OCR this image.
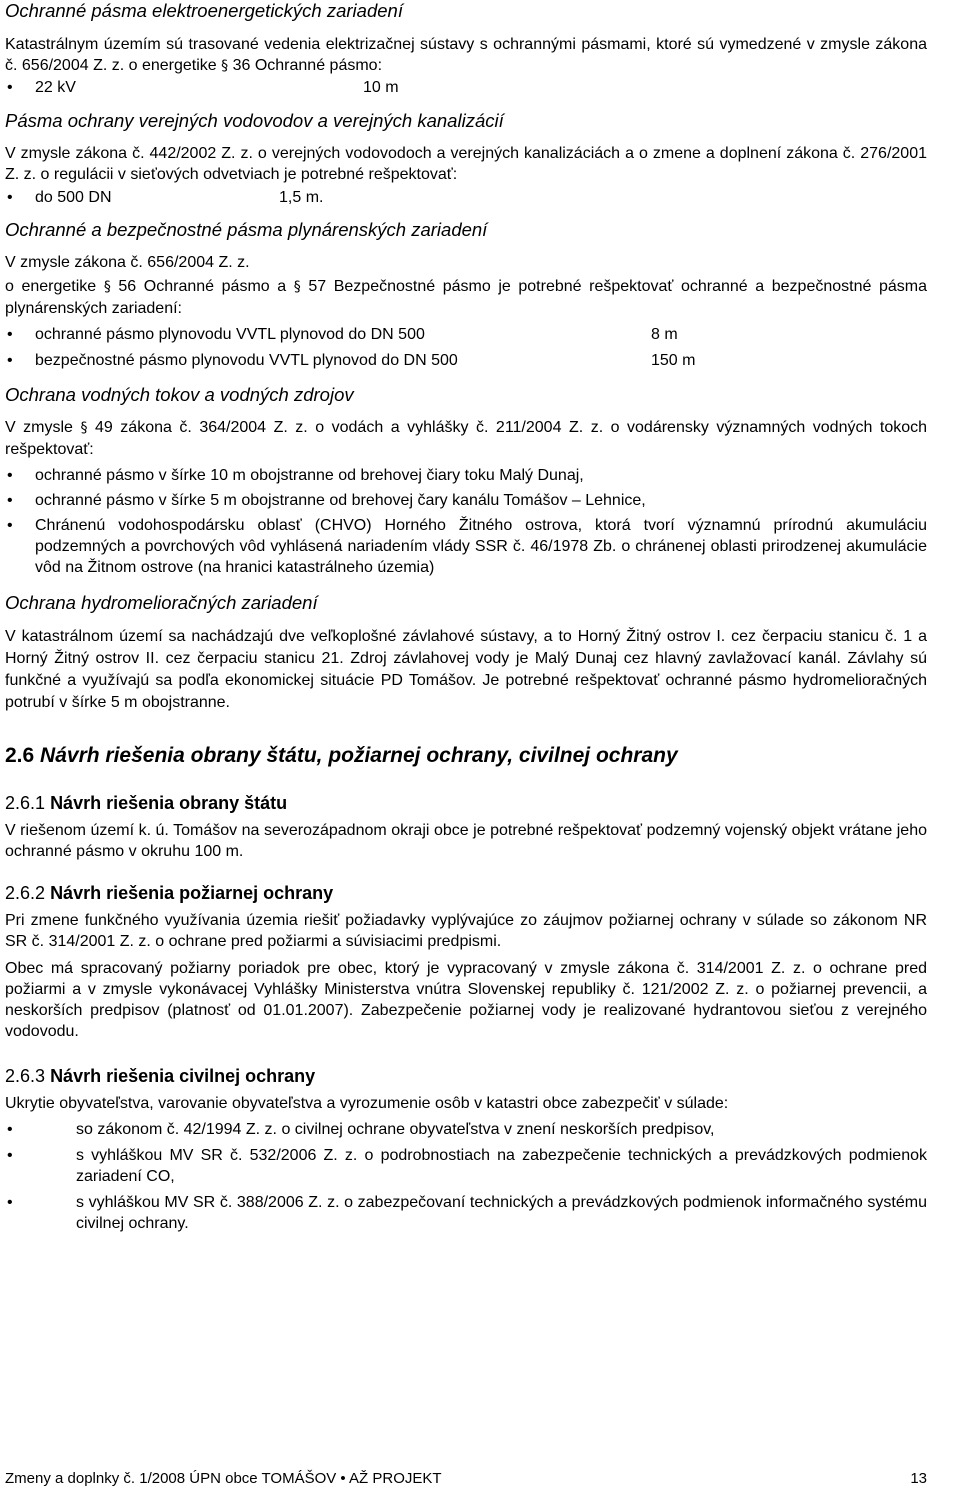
Ochranné pásma elektroenergetických zariadení

Katastrálnym územím sú trasované vedenia elektrizačnej sústavy s ochrannými pásmami, ktoré sú vymedzené v zmysle zákona č. 656/2004 Z. z. o energetike § 36 Ochranné pásmo:

• 22 kV	10 m

Pásma ochrany verejných vodovodov a verejných kanalizácií

V zmysle zákona č. 442/2002 Z. z. o verejných vodovodoch a verejných kanalizáciách a o zmene a doplnení zákona č. 276/2001 Z. z. o regulácii v sieťových odvetviach je potrebné rešpektovať:

• do 500 DN	1,5 m.

Ochranné a bezpečnostné pásma plynárenských zariadení

V zmysle zákona č. 656/2004 Z. z.

o energetike § 56 Ochranné pásmo a § 57 Bezpečnostné pásmo je potrebné rešpektovať ochranné a bezpečnostné pásma plynárenských zariadení:

• ochranné pásmo plynovodu VVTL plynovod do DN 500	8 m
• bezpečnostné pásmo plynovodu VVTL plynovod do DN 500	150 m

Ochrana vodných tokov a vodných zdrojov

V zmysle § 49 zákona č. 364/2004 Z. z. o vodách a vyhlášky č. 211/2004 Z. z. o vodárensky významných vodných tokoch rešpektovať:

• ochranné pásmo v šírke 10 m obojstranne od brehovej čiary toku Malý Dunaj,
• ochranné pásmo v šírke 5 m obojstranne od brehovej čary kanálu Tomášov – Lehnice,
• Chránenú vodohospodársku oblasť (CHVO) Horného Žitného ostrova, ktorá tvorí významnú prírodnú akumuláciu podzemných a povrchových vôd vyhlásená nariadením vlády SSR č. 46/1978 Zb. o chránenej oblasti prirodzenej akumulácie vôd na Žitnom ostrove (na hranici katastrálneho územia)

Ochrana hydromelioračných zariadení

V katastrálnom území sa nachádzajú dve veľkoplošné závlahové sústavy, a to Horný Žitný ostrov I. cez čerpaciu stanicu č. 1 a Horný Žitný ostrov II. cez čerpaciu stanicu 21. Zdroj závlahovej vody je Malý Dunaj cez hlavný zavlažovací kanál. Závlahy sú funkčné a využívajú sa podľa ekonomickej situácie PD Tomášov. Je potrebné rešpektovať ochranné pásmo hydromelioračných potrubí v šírke 5 m obojstranne.

2.6 Návrh riešenia obrany štátu, požiarnej ochrany, civilnej ochrany

2.6.1 Návrh riešenia obrany štátu

V riešenom území k. ú. Tomášov na severozápadnom okraji obce je potrebné rešpektovať podzemný vojenský objekt vrátane jeho ochranné pásmo v okruhu 100 m.

2.6.2 Návrh riešenia požiarnej ochrany

Pri zmene funkčného využívania územia riešiť požiadavky vyplývajúce zo záujmov požiarnej ochrany v súlade so zákonom NR SR č. 314/2001 Z. z. o ochrane pred požiarmi a súvisiacimi predpismi.

Obec má spracovaný požiarny poriadok pre obec, ktorý je vypracovaný v zmysle zákona č. 314/2001 Z. z. o ochrane pred požiarmi a v zmysle vykonávacej Vyhlášky Ministerstva vnútra Slovenskej republiky č. 121/2002 Z. z. o požiarnej prevencii, a neskorších predpisov (platnosť od 01.01.2007). Zabezpečenie požiarnej vody je realizované hydrantovou sieťou z verejného vodovodu.

2.6.3 Návrh riešenia civilnej ochrany

Ukrytie obyvateľstva, varovanie obyvateľstva a vyrozumenie osôb v katastri obce zabezpečiť v súlade:

• so zákonom č. 42/1994 Z. z. o civilnej ochrane obyvateľstva v znení neskorších predpisov,
• s vyhláškou MV SR č. 532/2006 Z. z. o podrobnostiach na zabezpečenie technických a prevádzkových podmienok zariadení CO,
• s vyhláškou MV SR č. 388/2006 Z. z. o zabezpečovaní technických a prevádzkových podmienok informačného systému civilnej ochrany.
Zmeny a doplnky č. 1/2008 ÚPN obce TOMÁŠOV • AŽ PROJEKT	13
